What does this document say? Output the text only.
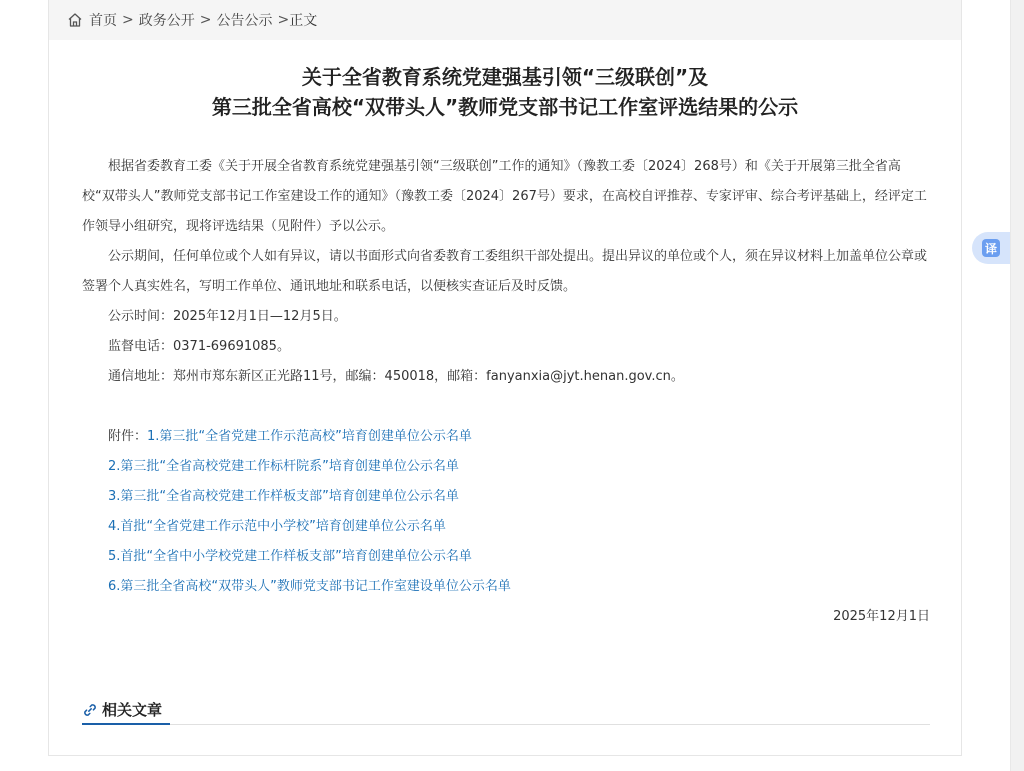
首页 > 政务公开 > 公告公示 > 正文
关于全省教育系统党建强基引领“三级联创”及
第三批全省高校“双带头人”教师党支部书记工作室评选结果的公示

根据省委教育工委《关于开展全省教育系统党建强基引领“三级联创”工作的通知》（豫教工委〔2024〕268号）和《关于开展第三批全省高校“双带头人”教师党支部书记工作室建设工作的通知》（豫教工委〔2024〕267号）要求，在高校自评推荐、专家评审、综合考评基础上，经评定工作领导小组研究，现将评选结果（见附件）予以公示。

公示期间，任何单位或个人如有异议，请以书面形式向省委教育工委组织干部处提出。提出异议的单位或个人，须在异议材料上加盖单位公章或签署个人真实姓名，写明工作单位、通讯地址和联系电话，以便核实查证后及时反馈。

公示时间：2025年12月1日—12月5日。

监督电话：0371-69691085。

通信地址：郑州市郑东新区正光路11号，邮编：450018，邮箱：fanyanxia@jyt.henan.gov.cn。

附件：1.第三批“全省党建工作示范高校”培育创建单位公示名单

2.第三批“全省高校党建工作标杆院系”培育创建单位公示名单

3.第三批“全省高校党建工作样板支部”培育创建单位公示名单

4.首批“全省党建工作示范中小学校”培育创建单位公示名单

5.首批“全省中小学校党建工作样板支部”培育创建单位公示名单

6.第三批全省高校“双带头人”教师党支部书记工作室建设单位公示名单

2025年12月1日

相关文章
译
